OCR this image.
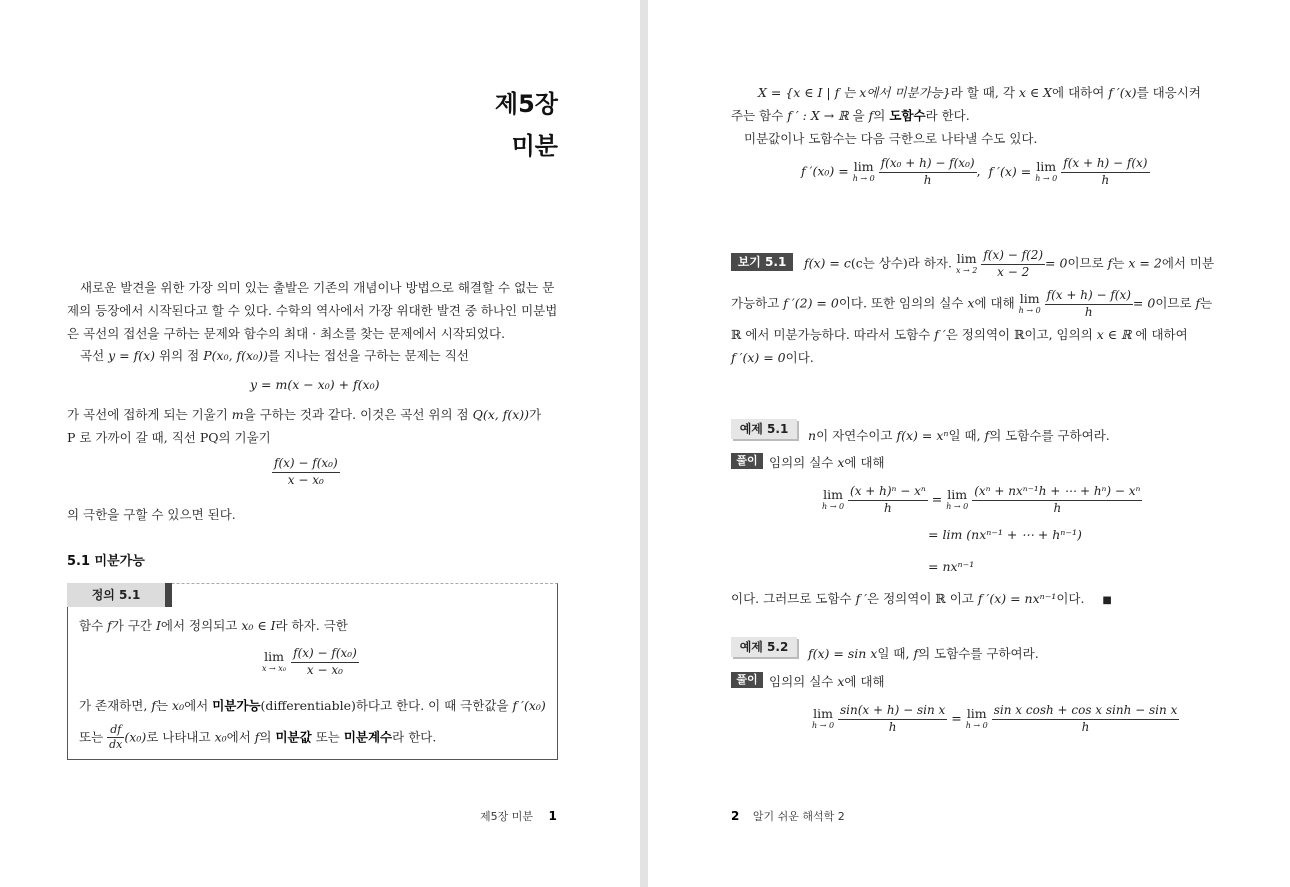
제5장
미분
새로운 발견을 위한 가장 의미 있는 출발은 기존의 개념이나 방법으로 해결할 수 없는 문
제의 등장에서 시작된다고 할 수 있다. 수학의 역사에서 가장 위대한 발견 중 하나인 미분법
은 곡선의 접선을 구하는 문제와 함수의 최대 · 최소를 찾는 문제에서 시작되었다.
곡선 y = f(x) 위의 점 P(x₀, f(x₀))를 지나는 접선을 구하는 문제는 직선
y = m(x − x₀) + f(x₀)
가 곡선에 접하게 되는 기울기 m을 구하는 것과 같다. 이것은 곡선 위의 점 Q(x, f(x))가
P 로 가까이 갈 때, 직선 PQ의 기울기
$\frac{\text{f(x) − f(x₀)}}{\text{x − x₀}}$
의 극한을 구할 수 있으면 된다.
5.1 미분가능
정의 5.1
함수 f가 구간 I에서 정의되고 x₀ ∈ I라 하자. 극한
lim
x → x₀
$\frac{\text{f(x) − f(x₀)}}{\text{x − x₀}}$
가 존재하면, f는 x₀에서 미분가능(differentiable)하다고 한다. 이 때 극한값을 f ′(x₀)
또는 $\frac{df}{dx} (x_0)$로 나타내고 x₀에서 f의 미분값 또는 미분계수라 한다.
제5장 미분 1
X = {x ∈ I | f 는 x에서 미분가능}라 할 때, 각 x ∈ X에 대하여 f ′(x)를 대응시켜
주는 함수 f ′ : X → ℝ 을 f의 도함수라 한다.
미분값이나 도함수는 다음 극한으로 나타낼 수도 있다.
f ′(x₀) = lim
h → 0
$\frac{\text{f(x₀ + h) − f(x₀)}}{h}$ , f ′(x) = lim
h → 0
$\frac{f(x + h) - f(x)}{h}$
보기 5.1	f(x) = c(c는 상수)라 하자. lim
x → 2
$\frac{f(x) - f(2)}{x - 2} = 0$이므로 f는 x = 2에서 미분
가능하고 f ′(2) = 0이다. 또한 임의의 실수 x에 대해 lim
h → 0
$\frac{f(x + h) - f(x)}{h} = 0$이므로 f는
ℝ 에서 미분가능하다. 따라서 도함수 f ′은 정의역이 ℝ이고, 임의의 x ∈ ℝ 에 대하여
f ′(x) = 0이다.
예제 5.1	n이 자연수이고 f(x) = xⁿ일 때, f의 도함수를 구하여라.
풀이 임의의 실수 x에 대해
lim
h → 0
$\frac{\text{(x + h)ⁿ − xⁿ}}{h} = \lim$
h → 0
$\frac{\text{(xⁿ + nxⁿ⁻¹h + ⋯ + hⁿ) − xⁿ}}{h}$
= lim (nxⁿ⁻¹ + ⋯ + hⁿ⁻¹)
= nxⁿ⁻¹
이다. 그러므로 도함수 f ′은 정의역이 ℝ 이고 f ′(x) = nxⁿ⁻¹이다. ■
예제 5.2	f(x) = sin x일 때, f의 도함수를 구하여라.
풀이 임의의 실수 x에 대해
lim
h → 0
$\frac{\text{sin(x + h) − sin x}}{h} = \lim$
h → 0
$\frac{\text{sin x cosh + cos x sinh − sin x}}{h}$
2 알기 쉬운 해석학 2
